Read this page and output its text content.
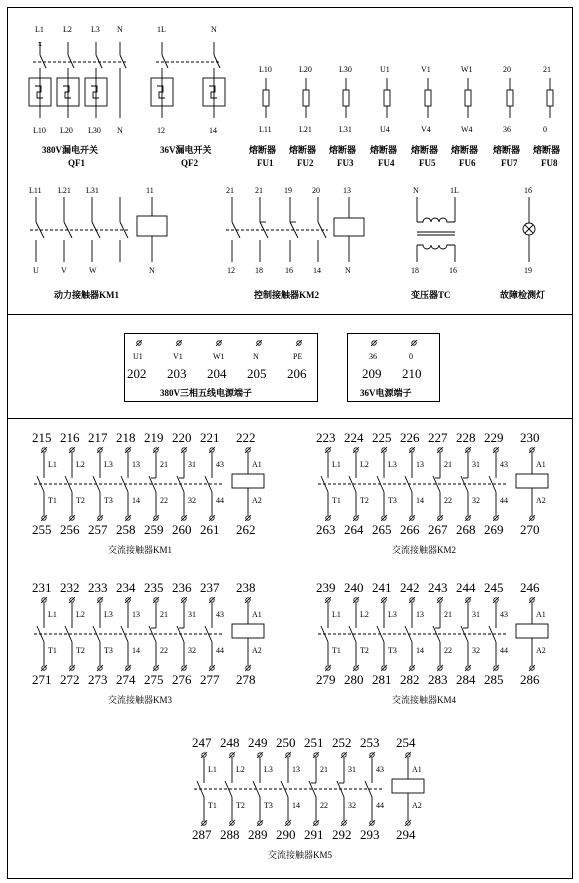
x
L1 L2 L3 N
L10 L20 L30 N
380V漏电开关
QF1
1L	N
12	14
36V漏电开关
QF2
L10
L11
熔断器
FU1
L20
L21
熔断器
FU2
L30
L31
熔断器
FU3
U1
U4
熔断器
FU4
V1
V4
熔断器
FU5
W1
W4
熔断器
FU6
20
36
熔断器
FU7
21
0
熔断器
FU8
L11 L21 L31	11
U	V	W	N
动力接触器KM1
21	21	19	20	13
12	18	16	14	N
控制接触器KM2
N	1L
18	16
变压器TC
16
19
故障检测灯
U1
202
V1
203
W1
204
N
205
PE
206
380V三相五线电源端子
36
209
0
210
36V电源端子
215 216 217 218 219 220 221 222
L1
T1
L2
T2
L3
T3
13
14
21
22
31
32
43
44
A1
A2
255 256 257 258 259 260 261 262
交流接触器KM1
223 224 225 226 227 228 229 230
L1
T1
L2
T2
L3
T3
13
14
21
22
31
32
43
44
A1
A2
263 264 265 266 267 268 269 270
交流接触器KM2
231 232 233 234 235 236 237 238
L1
T1
L2
T2
L3
T3
13
14
21
22
31
32
43
44
A1
A2
271 272 273 274 275 276 277 278
交流接触器KM3
239 240 241 242 243 244 245 246
L1
T1
L2
T2
L3
T3
13
14
21
22
31
32
43
44
A1
A2
279 280 281 282 283 284 285 286
交流接触器KM4
247 248 249 250 251 252 253 254
L1
T1
L2
T2
L3
T3
13
14
21
22
31
32
43
44
A1
A2
287 288 289 290 291 292 293 294
交流接触器KM5
